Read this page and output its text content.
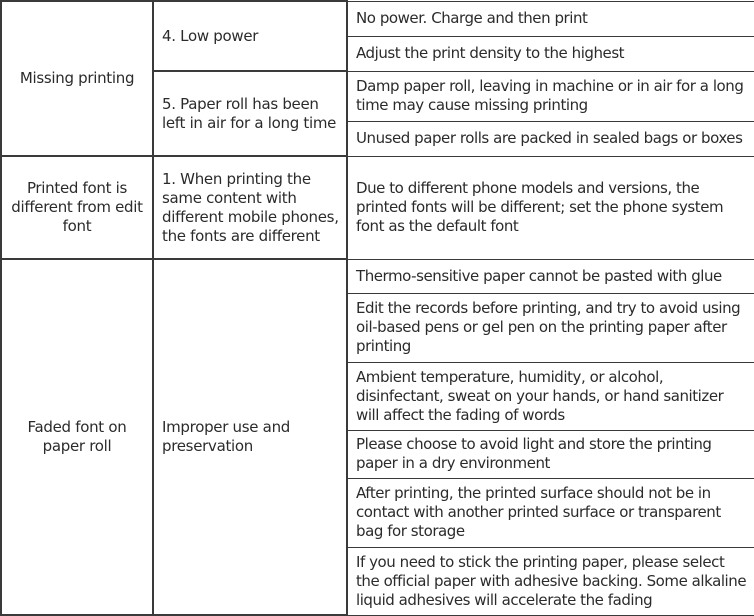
Missing printing	4. Low power	No power. Charge and then print
		Adjust the print density to the highest
	5. Paper roll has been left in air for a long time	Damp paper roll, leaving in machine or in air for a long time may cause missing printing
		Unused paper rolls are packed in sealed bags or boxes
Printed font is different from edit font	1. When printing the same content with different mobile phones, the fonts are different	Due to different phone models and versions, the printed fonts will be different; set the phone system font as the default font
Faded font on paper roll	Improper use and preservation	Thermo-sensitive paper cannot be pasted with glue
		Edit the records before printing, and try to avoid using oil-based pens or gel pen on the printing paper after printing
		Ambient temperature, humidity, or alcohol, disinfectant, sweat on your hands, or hand sanitizer will affect the fading of words
		Please choose to avoid light and store the printing paper in a dry environment
		After printing, the printed surface should not be in contact with another printed surface or transparent bag for storage
		If you need to stick the printing paper, please select the official paper with adhesive backing. Some alkaline liquid adhesives will accelerate the fading
